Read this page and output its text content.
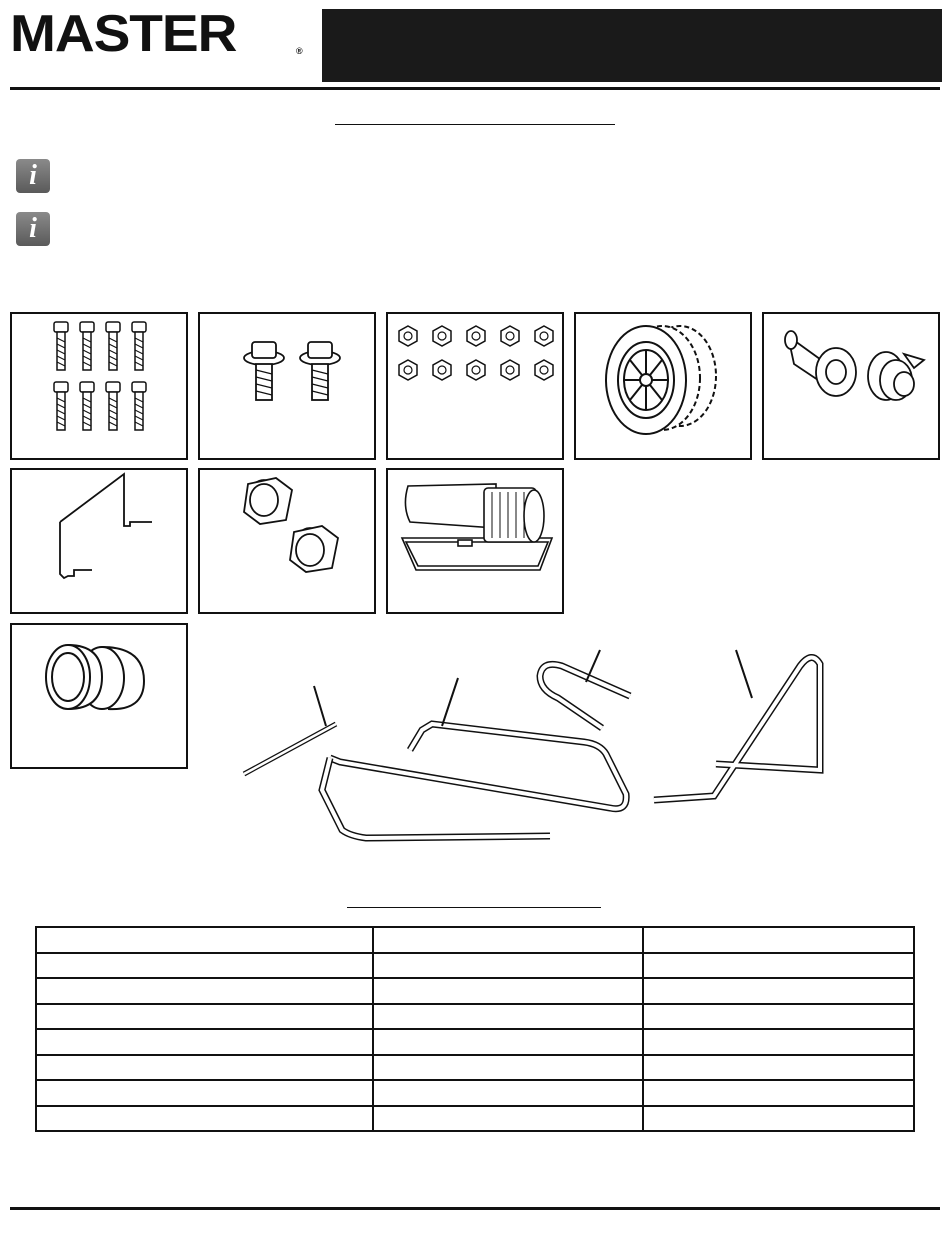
MASTER	®
i
i
